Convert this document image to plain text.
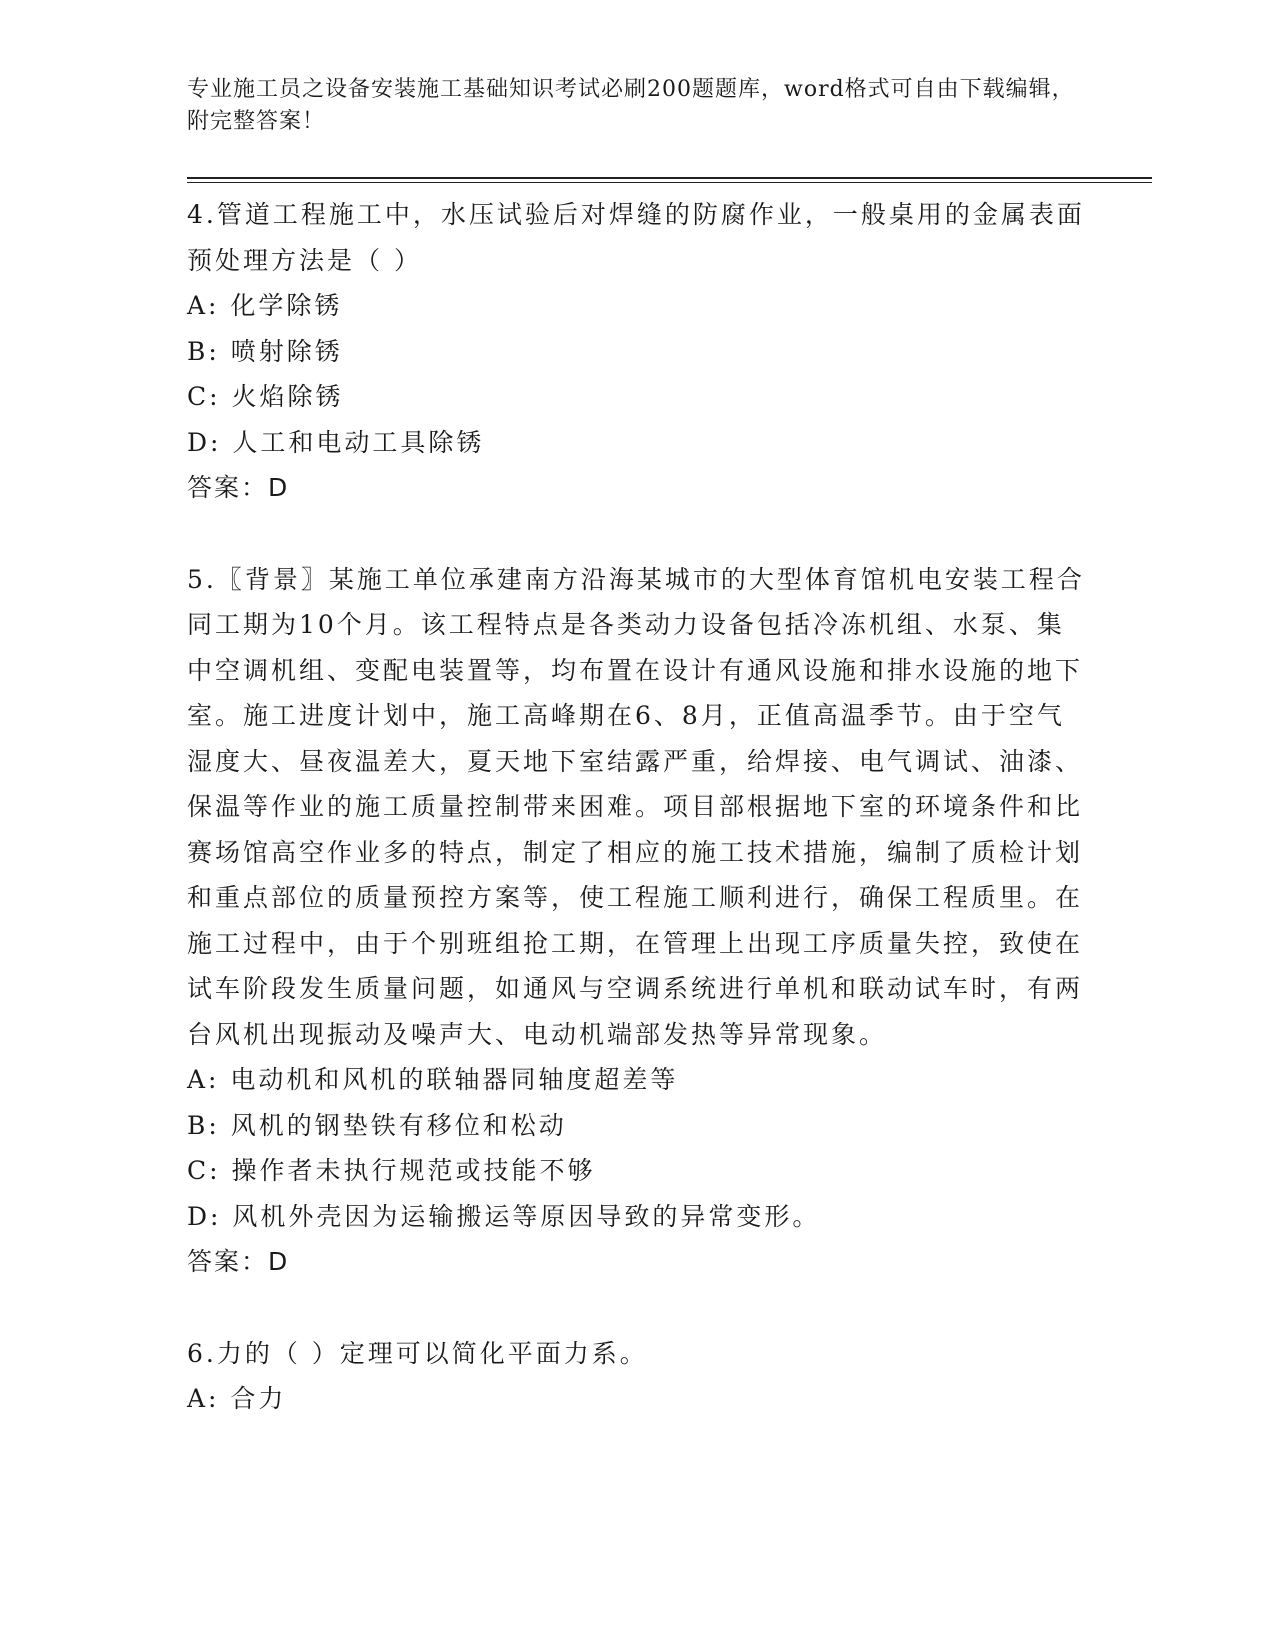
专业施工员之设备安装施工基础知识考试必刷200题题库，word格式可自由下载编辑，附完整答案！

4.管道工程施工中，水压试验后对焊缝的防腐作业，一般桌用的金属表面预处理方法是（ ）

A: 化学除锈

B: 喷射除锈

C: 火焰除锈

D: 人工和电动工具除锈

答案：D

5.〖背景〗某施工单位承建南方沿海某城市的大型体育馆机电安装工程合同工期为10个月。该工程特点是各类动力设备包括冷冻机组、水泵、集中空调机组、变配电装置等，均布置在设计有通风设施和排水设施的地下室。施工进度计划中，施工高峰期在6、8月，正值高温季节。由于空气湿度大、昼夜温差大，夏天地下室结露严重，给焊接、电气调试、油漆、保温等作业的施工质量控制带来困难。项目部根据地下室的环境条件和比赛场馆高空作业多的特点，制定了相应的施工技术措施，编制了质检计划和重点部位的质量预控方案等，使工程施工顺利进行，确保工程质里。在施工过程中，由于个别班组抢工期，在管理上出现工序质量失控，致使在试车阶段发生质量问题，如通风与空调系统进行单机和联动试车时，有两台风机出现振动及噪声大、电动机端部发热等异常现象。

A: 电动机和风机的联轴器同轴度超差等

B: 风机的钢垫铁有移位和松动

C: 操作者未执行规范或技能不够

D: 风机外壳因为运输搬运等原因导致的异常变形。

答案：D

6.力的（ ）定理可以简化平面力系。

A: 合力
